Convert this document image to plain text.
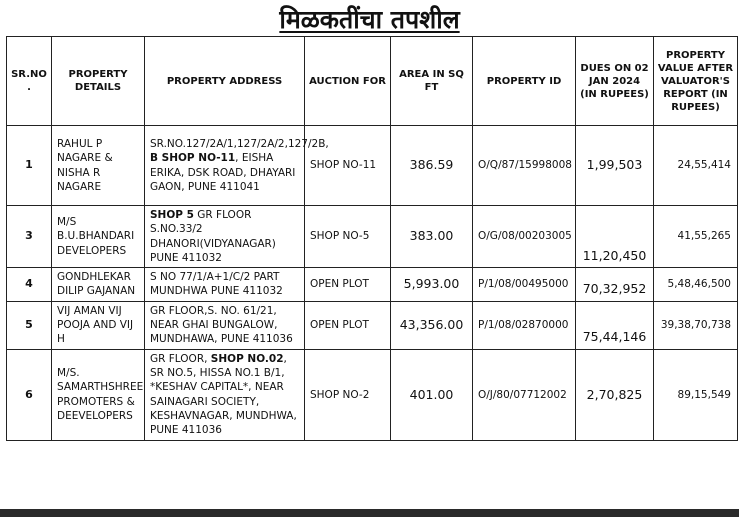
मिळकतींचा तपशील
SR.NO .	PROPERTY DETAILS	PROPERTY ADDRESS	AUCTION FOR	AREA IN SQ FT	PROPERTY ID	DUES ON 02 JAN 2024 (IN RUPEES)	PROPERTY VALUE AFTER VALUATOR'S REPORT (IN RUPEES)
1	RAHUL P NAGARE & NISHA R NAGARE	SR.NO.127/2A/1,127/2A/2,127/2B, B SHOP NO-11, EISHA ERIKA, DSK ROAD, DHAYARI GAON, PUNE 411041	SHOP NO-11	386.59	O/Q/87/15998008	1,99,503	24,55,414
3	M/S B.U.BHANDARI DEVELOPERS	SHOP 5 GR FLOOR S.NO.33/2 DHANORI(VIDYANAGAR) PUNE 411032	SHOP NO-5	383.00	O/G/08/00203005	11,20,450	41,55,265
4	GONDHLEKAR DILIP GAJANAN	S NO 77/1/A+1/C/2 PART MUNDHWA PUNE 411032	OPEN PLOT	5,993.00	P/1/08/00495000	70,32,952	5,48,46,500
5	VIJ AMAN VIJ POOJA AND VIJ H	GR FLOOR,S. NO. 61/21, NEAR GHAI BUNGALOW, MUNDHAWA, PUNE 411036	OPEN PLOT	43,356.00	P/1/08/02870000	75,44,146	39,38,70,738
6	M/S. SAMARTHSHREE PROMOTERS & DEEVELOPERS	GR FLOOR, SHOP NO.02, SR NO.5, HISSA NO.1 B/1, *KESHAV CAPITAL*, NEAR SAINAGARI SOCIETY, KESHAVNAGAR, MUNDHWA, PUNE 411036	SHOP NO-2	401.00	O/J/80/07712002	2,70,825	89,15,549
